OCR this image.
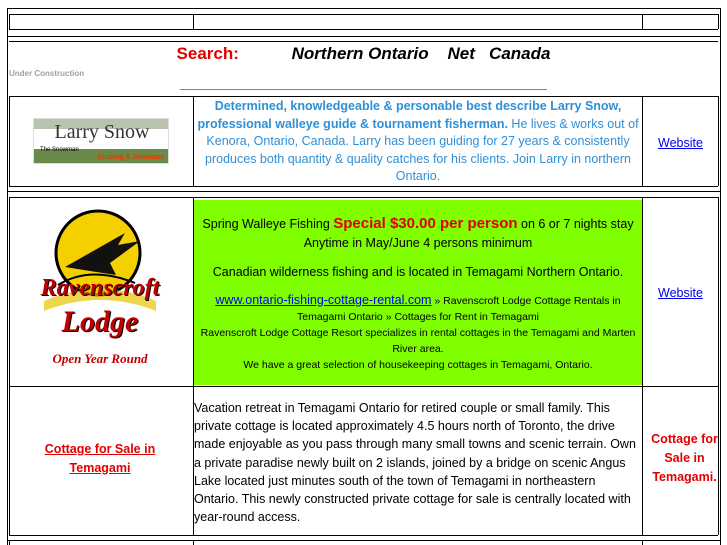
Search:	Northern Ontario    Net   Canada
Under Construction
Larry Snow
The Snowman
Guiding & Seminars
Determined, knowledgeable & personable best describe Larry Snow, professional walleye guide & tournament fisherman. He lives & works out of Kenora, Ontario, Canada. Larry has been guiding for 27 years & consistently produces both quantity & quality catches for his clients. Join Larry in northern Ontario.
Website
Ravenscroft
Lodge
Open Year Round

Spring Walleye Fishing Special $30.00 per person on 6 or 7 nights stay

Anytime in May/June 4 persons minimum

Canadian wilderness fishing and is located in Temagami Northern Ontario.

www.ontario-fishing-cottage-rental.com » Ravenscroft Lodge Cottage Rentals in Temagami Ontario » Cottages for Rent in Temagami

Ravenscroft Lodge Cottage Resort specializes in rental cottages in the Temagami and Marten River area.

We have a great selection of housekeeping cottages in Temagami, Ontario.

Website
Cottage for Sale in Temagami
Vacation retreat in Temagami Ontario for retired couple or small family. This private cottage is located approximately 4.5 hours north of Toronto, the drive made enjoyable as you pass through many small towns and scenic terrain. Own a private paradise newly built on 2 islands, joined by a bridge on scenic Angus Lake located just minutes south of the town of Temagami in northeastern Ontario. This newly constructed private cottage for sale is centrally located with year-round access.
Cottage for Sale in Temagami.
